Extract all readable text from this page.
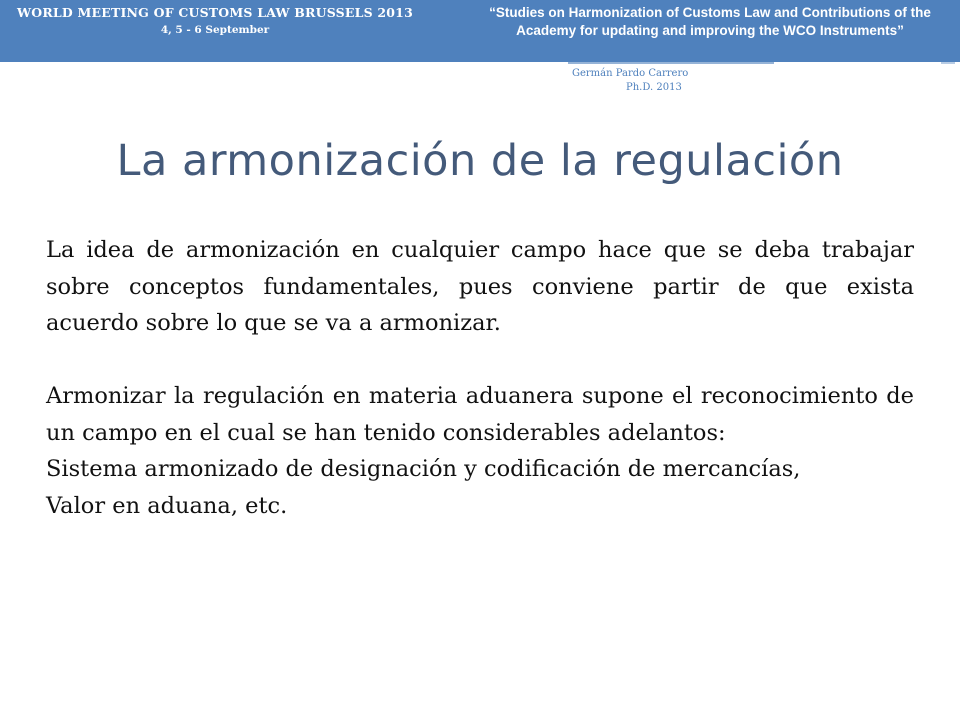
WORLD MEETING OF CUSTOMS LAW BRUSSELS 2013
4, 5 - 6 September
“Studies on Harmonization of Customs Law and Contributions of the Academy for updating and improving the WCO Instruments”
Germán Pardo Carrero
Ph.D. 2013
La armonización de la regulación

La idea de armonización en cualquier campo hace que se deba trabajar sobre conceptos fundamentales, pues conviene partir de que exista acuerdo sobre lo que se va a armonizar.

Armonizar la regulación en materia aduanera supone el reconocimiento de un campo en el cual se han tenido considerables adelantos:

Sistema armonizado de designación y codificación de mercancías,

Valor en aduana, etc.
